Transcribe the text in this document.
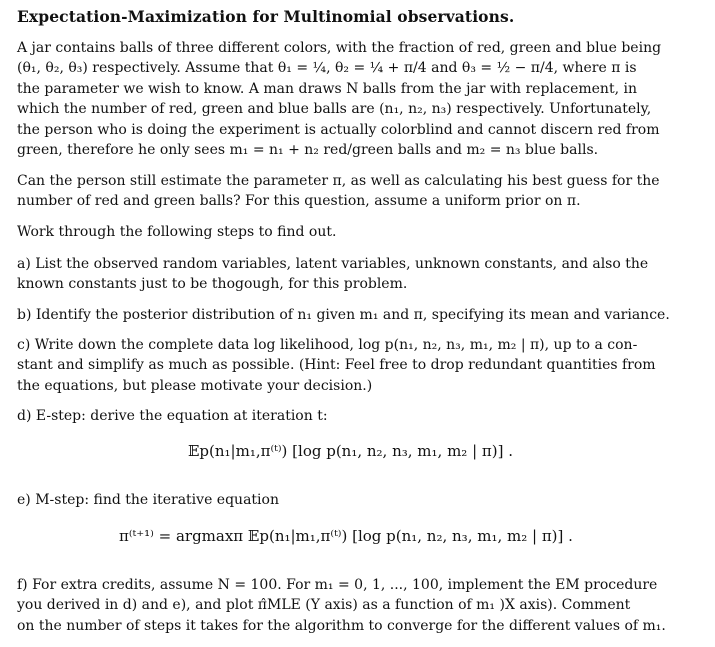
Expectation-Maximization for Multinomial observations.
A jar contains balls of three different colors, with the fraction of red, green and blue being
(θ₁, θ₂, θ₃) respectively. Assume that θ₁ = ¼, θ₂ = ¼ + π/4 and θ₃ = ½ − π/4, where π is
the parameter we wish to know. A man draws N balls from the jar with replacement, in
which the number of red, green and blue balls are (n₁, n₂, n₃) respectively. Unfortunately,
the person who is doing the experiment is actually colorblind and cannot discern red from
green, therefore he only sees m₁ = n₁ + n₂ red/green balls and m₂ = n₃ blue balls.
Can the person still estimate the parameter π, as well as calculating his best guess for the
number of red and green balls? For this question, assume a uniform prior on π.
Work through the following steps to find out.
a) List the observed random variables, latent variables, unknown constants, and also the
known constants just to be thogough, for this problem.
b) Identify the posterior distribution of n₁ given m₁ and π, specifying its mean and variance.
c) Write down the complete data log likelihood, log p(n₁, n₂, n₃, m₁, m₂ | π), up to a con-
stant and simplify as much as possible. (Hint: Feel free to drop redundant quantities from
the equations, but please motivate your decision.)
d) E-step: derive the equation at iteration t:
𝔼p(n₁|m₁,π⁽ᵗ⁾) [log p(n₁, n₂, n₃, m₁, m₂ | π)] .
e) M-step: find the iterative equation
π⁽ᵗ⁺¹⁾ = argmaxπ 𝔼p(n₁|m₁,π⁽ᵗ⁾) [log p(n₁, n₂, n₃, m₁, m₂ | π)] .
f) For extra credits, assume N = 100. For m₁ = 0, 1, ..., 100, implement the EM procedure
you derived in d) and e), and plot π̂MLE (Y axis) as a function of m₁ )X axis). Comment
on the number of steps it takes for the algorithm to converge for the different values of m₁.
